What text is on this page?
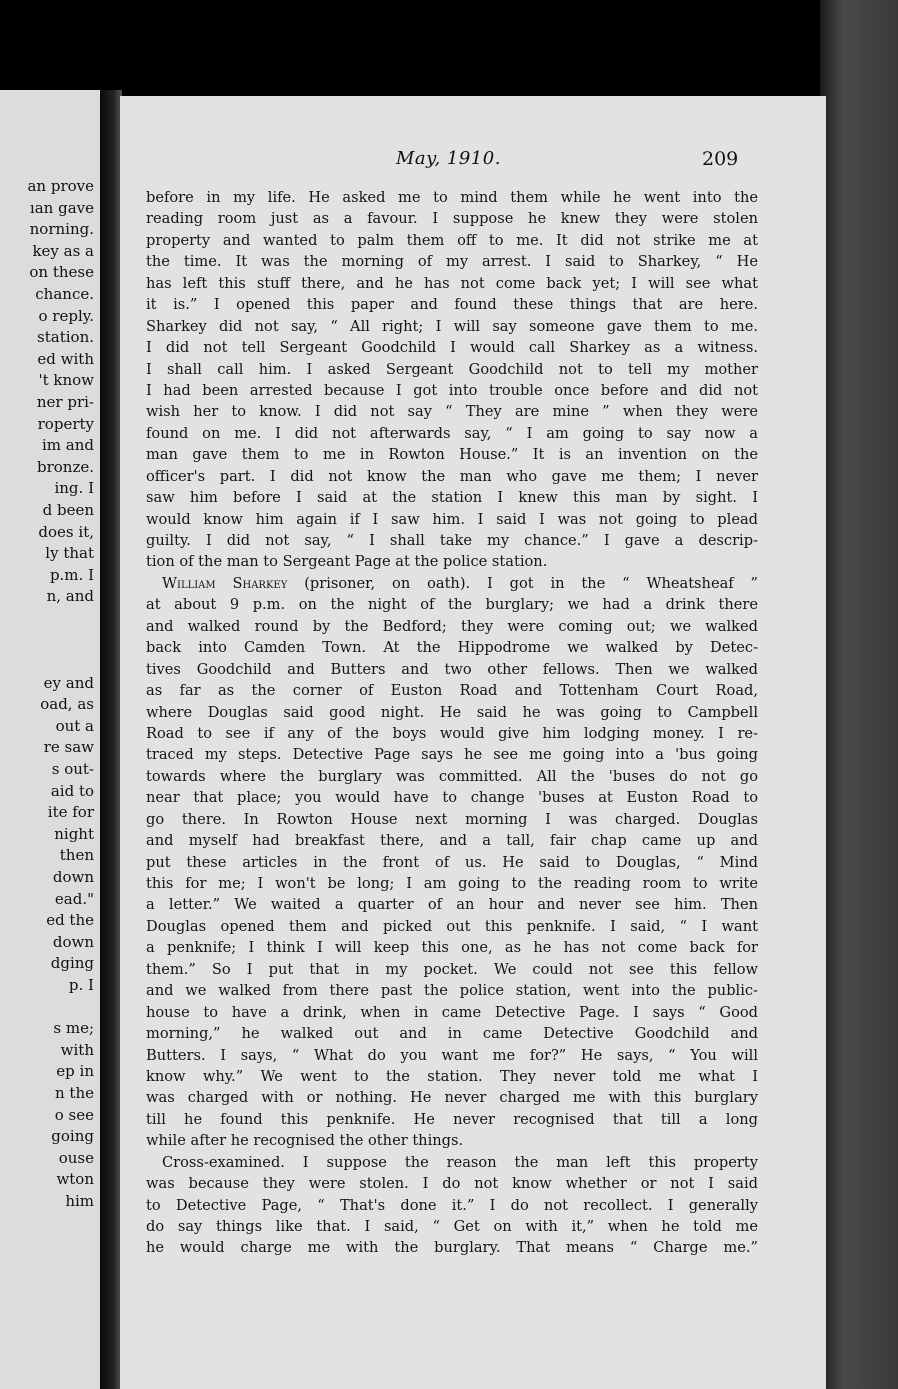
an prove
ıan gave
norning.
key as a
on these
chance.
o reply.
station.
ed with
't know
ner pri-
roperty
im and
bronze.
ing. I
d been
does it,
ly that
p.m. I
n, and
ey and
oad, as
out a
re saw
s out-
aid to
ite for
night
then
down
ead."
ed the
down
dging
p. I
s me;
with
ep in
n the
o see
going
ouse
wton
him
May, 1910.	209
before in my life. He asked me to mind them while he went into the
reading room just as a favour. I suppose he knew they were stolen
property and wanted to palm them off to me. It did not strike me at
the time. It was the morning of my arrest. I said to Sharkey, “ He
has left this stuff there, and he has not come back yet; I will see what
it is.” I opened this paper and found these things that are here.
Sharkey did not say, “ All right; I will say someone gave them to me.
I did not tell Sergeant Goodchild I would call Sharkey as a witness.
I shall call him. I asked Sergeant Goodchild not to tell my mother
I had been arrested because I got into trouble once before and did not
wish her to know. I did not say “ They are mine ” when they were
found on me. I did not afterwards say, “ I am going to say now a
man gave them to me in Rowton House.” It is an invention on the
officer's part. I did not know the man who gave me them; I never
saw him before I said at the station I knew this man by sight. I
would know him again if I saw him. I said I was not going to plead
guilty. I did not say, “ I shall take my chance.” I gave a descrip-
tion of the man to Sergeant Page at the police station.
William Sharkey (prisoner, on oath). I got in the “ Wheatsheaf ”
at about 9 p.m. on the night of the burglary; we had a drink there
and walked round by the Bedford; they were coming out; we walked
back into Camden Town. At the Hippodrome we walked by Detec-
tives Goodchild and Butters and two other fellows. Then we walked
as far as the corner of Euston Road and Tottenham Court Road,
where Douglas said good night. He said he was going to Campbell
Road to see if any of the boys would give him lodging money. I re-
traced my steps. Detective Page says he see me going into a 'bus going
towards where the burglary was committed. All the 'buses do not go
near that place; you would have to change 'buses at Euston Road to
go there. In Rowton House next morning I was charged. Douglas
and myself had breakfast there, and a tall, fair chap came up and
put these articles in the front of us. He said to Douglas, “ Mind
this for me; I won't be long; I am going to the reading room to write
a letter.” We waited a quarter of an hour and never see him. Then
Douglas opened them and picked out this penknife. I said, “ I want
a penknife; I think I will keep this one, as he has not come back for
them.” So I put that in my pocket. We could not see this fellow
and we walked from there past the police station, went into the public-
house to have a drink, when in came Detective Page. I says “ Good
morning,” he walked out and in came Detective Goodchild and
Butters. I says, “ What do you want me for?” He says, “ You will
know why.” We went to the station. They never told me what I
was charged with or nothing. He never charged me with this burglary
till he found this penknife. He never recognised that till a long
while after he recognised the other things.
Cross-examined. I suppose the reason the man left this property
was because they were stolen. I do not know whether or not I said
to Detective Page, “ That's done it.” I do not recollect. I generally
do say things like that. I said, “ Get on with it,” when he told me
he would charge me with the burglary. That means “ Charge me.”
